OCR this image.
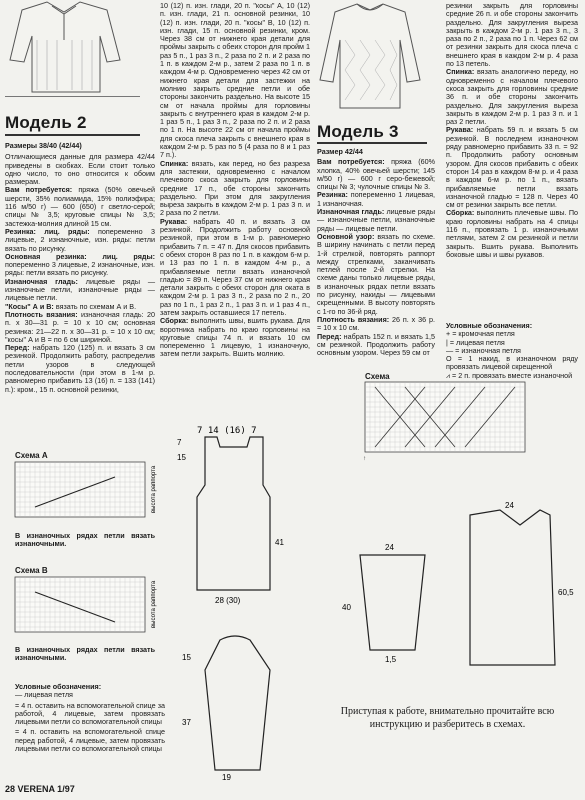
Модель 2

Размеры 38/40 (42/44)

Отличающиеся данные для размера 42/44 приведены в скобках. Если стоит только одно число, то оно относится к обоим размерам.

Вам потребуется: пряжа (50% овечьей шерсти, 35% полиамида, 15% полиэфира; 116 м/50 г) — 600 (650) г светло-серой; спицы № 3,5; круговые спицы № 3,5; застежка-молния длиной 15 см.

Резинка: лиц. ряды: попеременно 3 лицевые, 2 изнаночные, изн. ряды: петли вязать по рисунку.

Основная резинка: лиц. ряды: попеременно 3 лицевые, 2 изнаночные, изн. ряды: петли вязать по рисунку.

Изнаночная гладь: лицевые ряды — изнаночные петли, изнаночные ряды — лицевые петли.

"Косы" А и В: вязать по схемам А и В.

Плотность вязания: изнаночная гладь: 20 п. х 30—31 р. = 10 х 10 см; основная резинка: 21—22 п. х 30—31 р. = 10 х 10 см; "косы" А и В = по 6 см шириной.

Перед: набрать 120 (125) п. и вязать 3 см резинкой. Продолжить работу, распределив петли узоров в следующей последовательности (при этом в 1-м р. равномерно прибавить 13 (16) п. = 133 (141) п.): кром., 15 п. основной резинки,

10 (12) п. изн. глади, 20 п. "косы" А, 10 (12) п. изн. глади, 21 п. основной резинки, 10 (12) п. изн. глади, 20 п. "косы" В, 10 (12) п. изн. глади, 15 п. основной резинки, кром. Через 38 см от нижнего края детали для проймы закрыть с обеих сторон для пройм 1 раз 5 п., 1 раз 3 п., 2 раза по 2 п. и 2 раза по 1 п. в каждом 2-м р., затем 2 раза по 1 п. в каждом 4-м р. Одновременно через 42 см от нижнего края детали для застежки на молнию закрыть средние петли и обе стороны закончить раздельно. На высоте 15 см от начала проймы для горловины закрыть с внутреннего края в каждом 2-м р. 1 раз 5 п., 1 раз 3 п., 2 раза по 2 п. и 2 раза по 1 п. На высоте 22 см от начала проймы для скоса плеча закрыть с внешнего края в каждом 2-м р. 5 раз по 5 (4 раза по 8 и 1 раз 7 п.).

Спинка: вязать, как перед, но без разреза для застежки, одновременно с началом плечевого скоса закрыть для горловины средние 17 п., обе стороны закончить раздельно. При этом для закругления выреза закрыть в каждом 2-м р. 1 раз 3 п. и 2 раза по 2 петли.

Рукава: набрать 40 п. и вязать 3 см резинкой. Продолжить работу основной резинкой, при этом в 1-м р. равномерно прибавить 7 п. = 47 п. Для скосов прибавить с обеих сторон 8 раз по 1 п. в каждом 6-м р. и 13 раз по 1 п. в каждом 4-м р., а прибавляемые петли вязать изнаночной гладью = 89 п. Через 37 см от нижнего края детали закрыть с обеих сторон для оката в каждом 2-м р. 1 раз 3 п., 2 раза по 2 п., 20 раз по 1 п., 1 раз 2 п., 1 раз 3 п. и 1 раз 4 п., затем закрыть оставшиеся 17 петель.

Сборка: выполнить швы, вшить рукава. Для воротника набрать по краю горловины на круговые спицы 74 п. и вязать 10 см попеременно 1 лицевую, 1 изнаночную, затем петли закрыть. Вшить молнию.

Модель 3

Размер 42/44

Вам потребуется: пряжа (60% хлопка, 40% овечьей шерсти; 145 м/50 г) — 600 г серо-бежевой; спицы № 3; чулочные спицы № 3.

Резинка: попеременно 1 лицевая, 1 изнаночная.

Изнаночная гладь: лицевые ряды — изнаночные петли, изнаночные ряды — лицевые петли.

Основной узор: вязать по схеме. В ширину начинать с петли перед 1-й стрелкой, повторять раппорт между стрелками, заканчивать петлей после 2-й стрелки. На схеме даны только лицевые ряды, в изнаночных рядах петли вязать по рисунку, накиды — лицевыми скрещенными. В высоту повторять с 1-го по 36-й ряд.

Плотность вязания: 26 п. х 36 р. = 10 х 10 см.

Перед: набрать 152 п. и вязать 1,5 см резинкой. Продолжить работу основным узором. Через 59 см от

резинки закрыть для горловины средние 26 п. и обе стороны закончить раздельно. Для закругления выреза закрыть в каждом 2-м р. 1 раз 3 п., 3 раза по 2 п., 2 раза по 1 п. Через 62 см от резинки закрыть для скоса плеча с внешнего края в каждом 2-м р. 4 раза по 13 петель.

Спинка: вязать аналогично переду, но одновременно с началом плечевого скоса закрыть для горловины средние 36 п. и обе стороны закончить раздельно. Для закругления выреза закрыть в каждом 2-м р. 1 раз 3 п. и 1 раз 2 петли.

Рукава: набрать 59 п. и вязать 5 см резинкой. В последнем изнаночном ряду равномерно прибавить 33 п. = 92 п. Продолжить работу основным узором. Для скосов прибавить с обеих сторон 14 раз в каждом 8-м р. и 4 раза в каждом 6-м р. по 1 п., вязать прибавляемые петли вязать изнаночной гладью = 128 п. Через 40 см от резинки закрыть все петли.

Сборка: выполнить плечевые швы. По краю горловины набрать на 4 спицы 116 п., провязать 1 р. изнаночными петлями, затем 2 см резинкой и петли закрыть. Вшить рукава. Выполнить боковые швы и швы рукавов.

Условные обозначения:

+ = кромочная петля

| = лицевая петля

— = изнаночная петля

О = 1 накид, в изнаночном ряду провязать лицевой скрещенной

⩘ = 2 п. провязать вместе изнаночной

Схема
↑
7 14 (16) 7
15
7
28 (30)
41
37
15
19
Схема А
высота раппорта
В изнаночных рядах петли вязать изнаночными.
Схема В
высота раппорта
В изнаночных рядах петли вязать изнаночными.

Условные обозначения:

— лицевая петля

= 4 п. оставить на вспомогательной спице за работой, 4 лицевые, затем провязать лицевыми петли со вспомогательной спицы

= 4 п. оставить на вспомогательной спице перед работой, 4 лицевые, затем провязать лицевыми петли со вспомогательной спицы

24
60,5
24
40
1,5
Приступая к работе, внимательно прочитайте всю инструкцию и разберитесь в схемах.
28 VERENA 1/97
